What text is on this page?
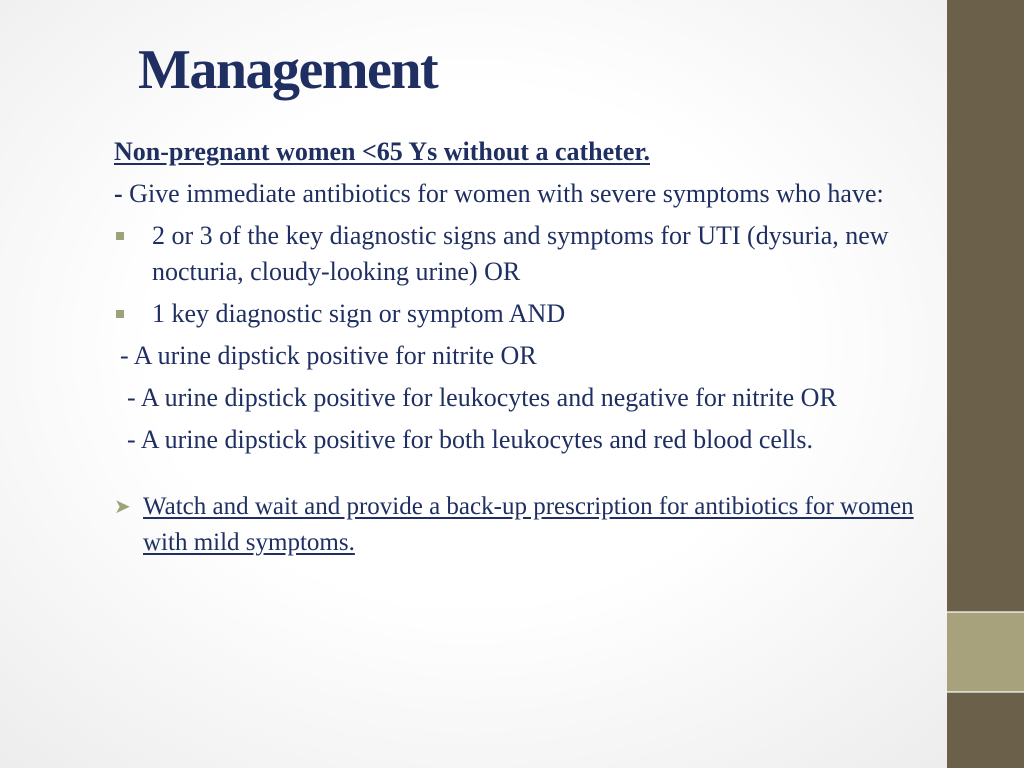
Management

Non-pregnant women <65 Ys without a catheter.

- Give immediate antibiotics for women with severe symptoms who have:

2 or 3 of the key diagnostic signs and symptoms for UTI (dysuria, new nocturia, cloudy-looking urine) OR
1 key diagnostic sign or symptom AND

- A urine dipstick positive for nitrite OR

- A urine dipstick positive for leukocytes and negative for nitrite OR

- A urine dipstick positive for both leukocytes and red blood cells.

➤ Watch and wait and provide a back-up prescription for antibiotics for women with mild symptoms.
